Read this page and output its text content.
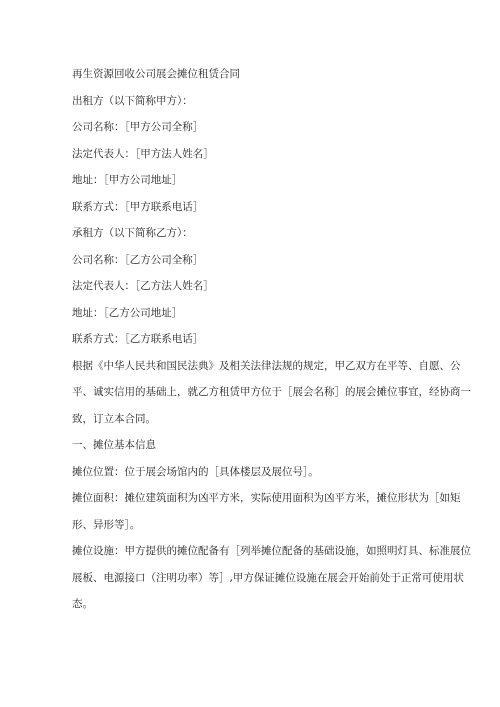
再生资源回收公司展会摊位租赁合同
出租方（以下简称甲方）：
公司名称：［甲方公司全称］
法定代表人：［甲方法人姓名］
地址：［甲方公司地址］
联系方式：［甲方联系电话］
承租方（以下简称乙方）：
公司名称：［乙方公司全称］
法定代表人：［乙方法人姓名］
地址：［乙方公司地址］
联系方式：［乙方联系电话］
根据《中华人民共和国民法典》及相关法律法规的规定，甲乙双方在平等、自愿、公
平、诚实信用的基础上，就乙方租赁甲方位于［展会名称］的展会摊位事宜，经协商一
致，订立本合同。
一、摊位基本信息
摊位位置：位于展会场馆内的［具体楼层及展位号］。
摊位面积：摊位建筑面积为凶平方米，实际使用面积为凶平方米，摊位形状为［如矩
形、异形等］。
摊位设施：甲方提供的摊位配备有［列举摊位配备的基础设施，如照明灯具、标准展位
展板、电源接口（注明功率）等］,甲方保证摊位设施在展会开始前处于正常可使用状
态。
